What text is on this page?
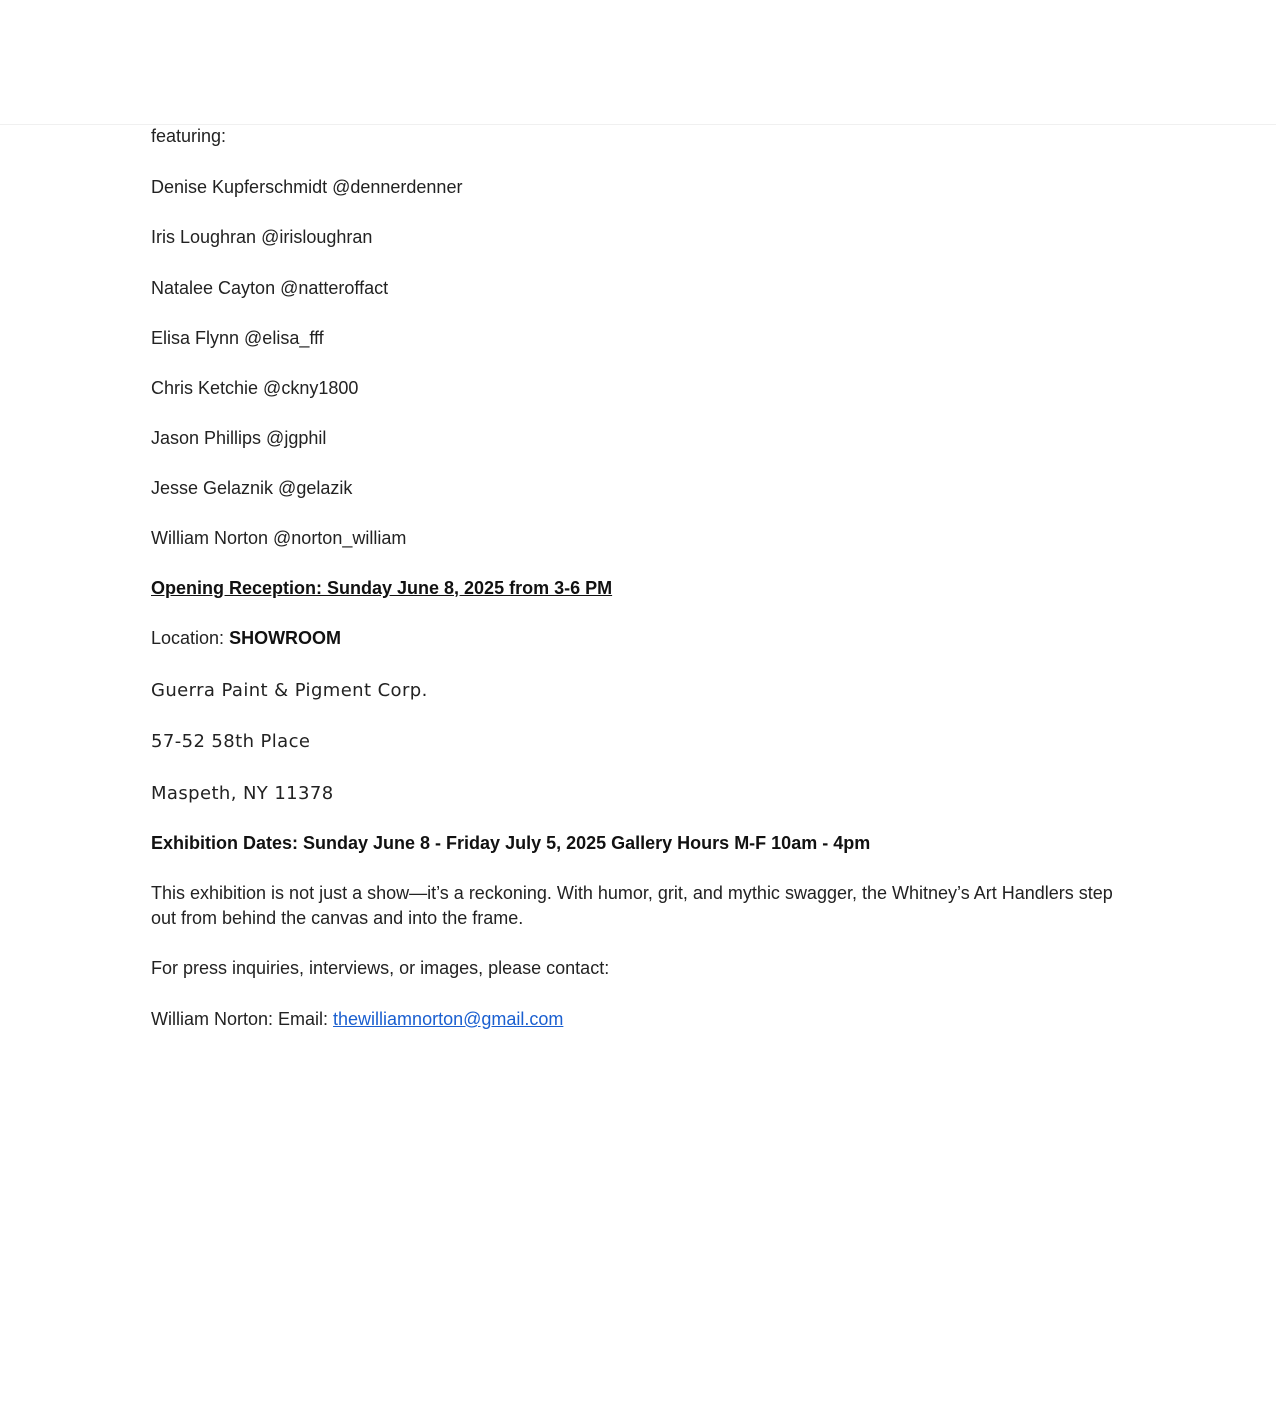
featuring:
Denise Kupferschmidt @dennerdenner
Iris Loughran @irisloughran
Natalee Cayton @natteroffact
Elisa Flynn @elisa_fff
Chris Ketchie @ckny1800
Jason Phillips @jgphil
Jesse Gelaznik @gelazik
William Norton @norton_william
Opening Reception: Sunday June 8, 2025 from 3-6 PM
Location: SHOWROOM
Guerra Paint & Pigment Corp.
57-52 58th Place
Maspeth, NY 11378
Exhibition Dates: Sunday June 8 - Friday July 5, 2025 Gallery Hours M-F 10am - 4pm
This exhibition is not just a show—it’s a reckoning. With humor, grit, and mythic swagger, the Whitney’s Art Handlers step out from behind the canvas and into the frame.
For press inquiries, interviews, or images, please contact:
William Norton: Email: thewilliamnorton@gmail.com
